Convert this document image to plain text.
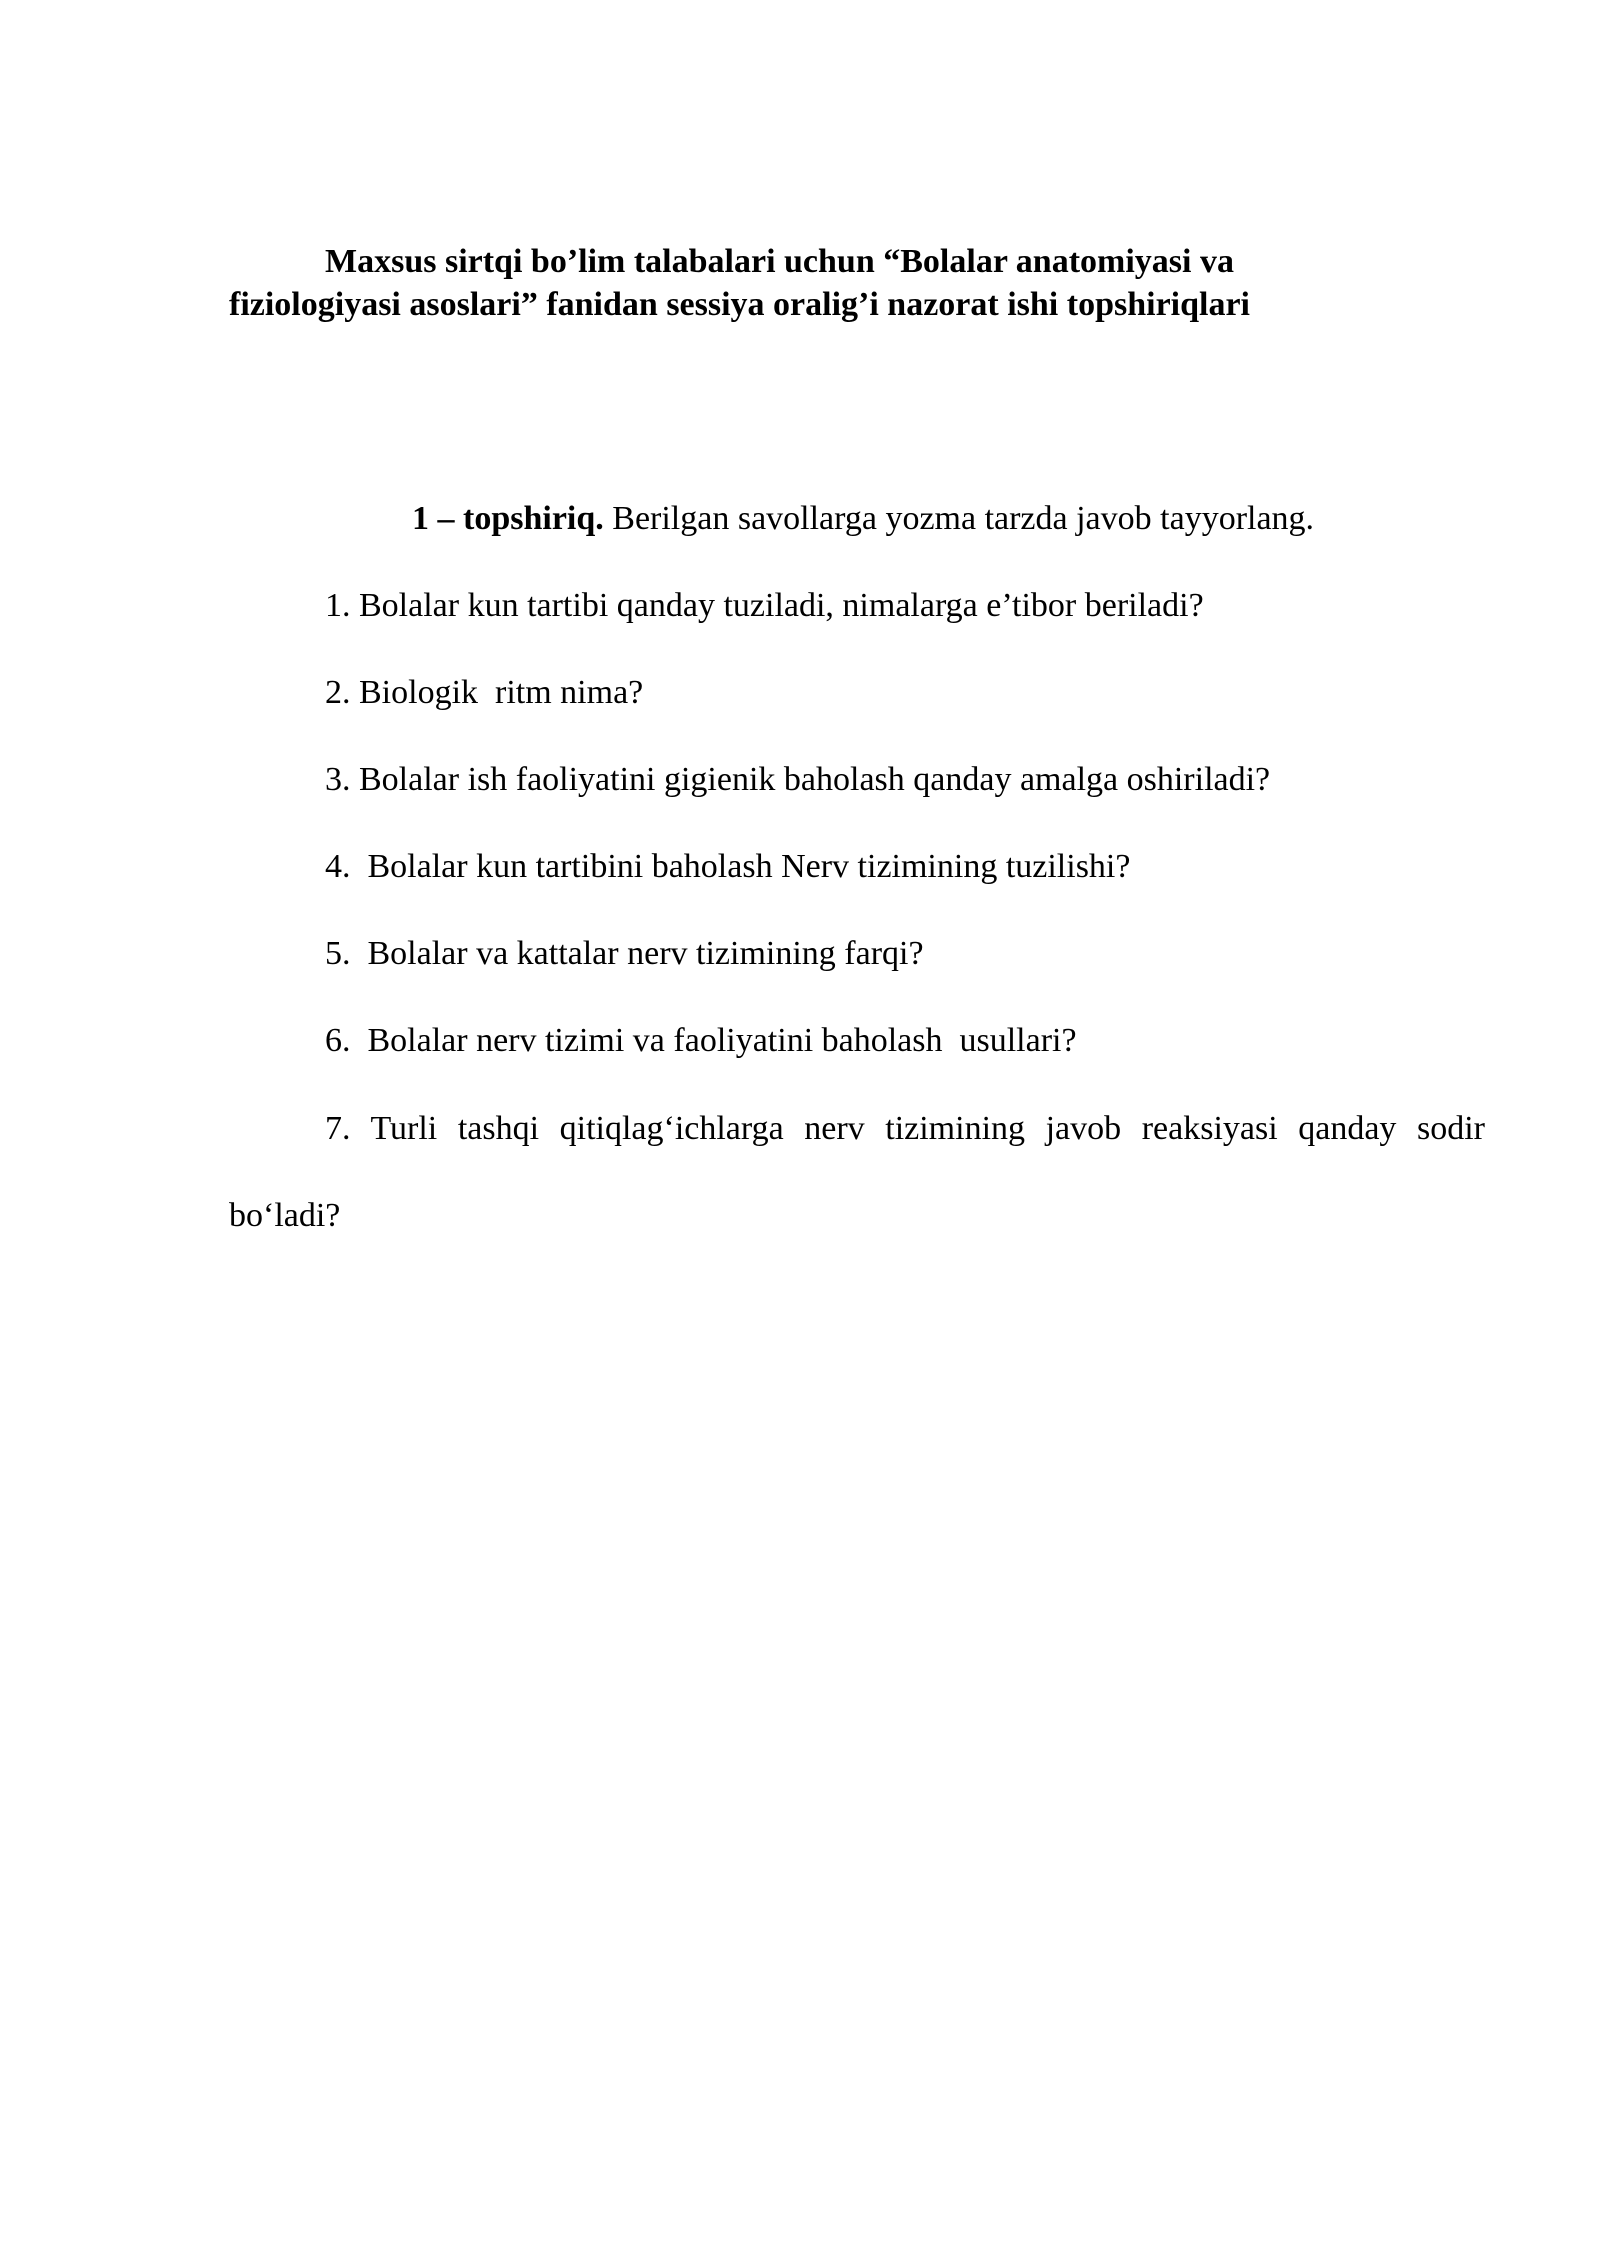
Maxsus sirtqi bo’lim talabalari uchun “Bolalar anatomiyasi va
fiziologiyasi asoslari” fanidan sessiya oralig’i nazorat ishi topshiriqlari

1 – topshiriq. Berilgan savollarga yozma tarzda javob tayyorlang.

1. Bolalar kun tartibi qanday tuziladi, nimalarga e’tibor beriladi?
2. Biologik  ritm nima?
3. Bolalar ish faoliyatini gigienik baholash qanday amalga oshiriladi?
4.  Bolalar kun tartibini baholash Nerv tizimining tuzilishi?
5.  Bolalar va kattalar nerv tizimining farqi?
6.  Bolalar nerv tizimi va faoliyatini baholash  usullari?
7. Turli tashqi qitiqlag‘ichlarga nerv tizimining javob reaksiyasi qanday sodir bo‘ladi?
